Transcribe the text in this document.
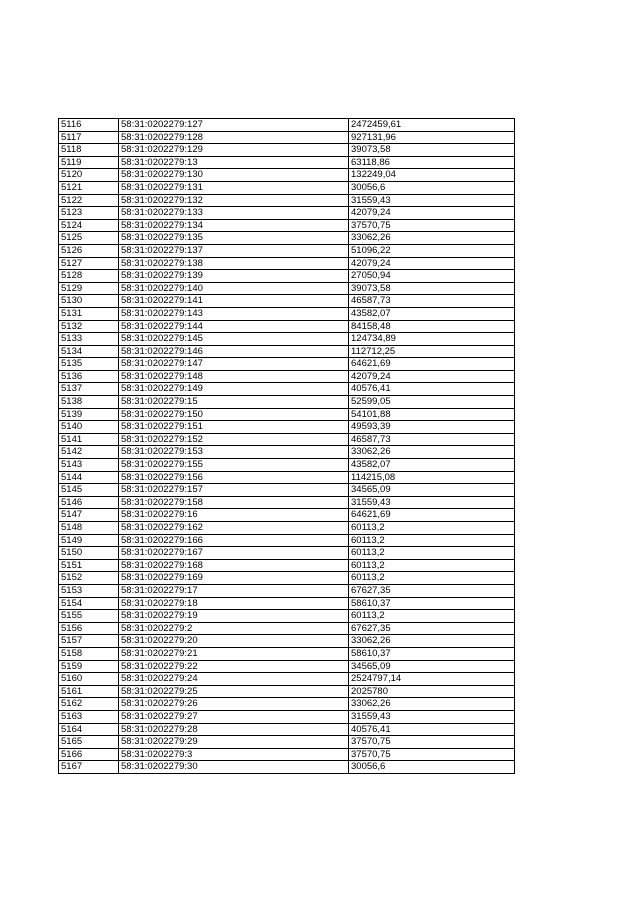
5116	58:31:0202279:127	2472459,61
5117	58:31:0202279:128	927131,96
5118	58:31:0202279:129	39073,58
5119	58:31:0202279:13	63118,86
5120	58:31:0202279:130	132249,04
5121	58:31:0202279:131	30056,6
5122	58:31:0202279:132	31559,43
5123	58:31:0202279:133	42079,24
5124	58:31:0202279:134	37570,75
5125	58:31:0202279:135	33062,26
5126	58:31:0202279:137	51096,22
5127	58:31:0202279:138	42079,24
5128	58:31:0202279:139	27050,94
5129	58:31:0202279:140	39073,58
5130	58:31:0202279:141	46587,73
5131	58:31:0202279:143	43582,07
5132	58:31:0202279:144	84158,48
5133	58:31:0202279:145	124734,89
5134	58:31:0202279:146	112712,25
5135	58:31:0202279:147	64621,69
5136	58:31:0202279:148	42079,24
5137	58:31:0202279:149	40576,41
5138	58:31:0202279:15	52599,05
5139	58:31:0202279:150	54101,88
5140	58:31:0202279:151	49593,39
5141	58:31:0202279:152	46587,73
5142	58:31:0202279:153	33062,26
5143	58:31:0202279:155	43582,07
5144	58:31:0202279:156	114215,08
5145	58:31:0202279:157	34565,09
5146	58:31:0202279:158	31559,43
5147	58:31:0202279:16	64621,69
5148	58:31:0202279:162	60113,2
5149	58:31:0202279:166	60113,2
5150	58:31:0202279:167	60113,2
5151	58:31:0202279:168	60113,2
5152	58:31:0202279:169	60113,2
5153	58:31:0202279:17	67627,35
5154	58:31:0202279:18	58610,37
5155	58:31:0202279:19	60113,2
5156	58:31:0202279:2	67627,35
5157	58:31:0202279:20	33062,26
5158	58:31:0202279:21	58610,37
5159	58:31:0202279:22	34565,09
5160	58:31:0202279:24	2524797,14
5161	58:31:0202279:25	2025780
5162	58:31:0202279:26	33062,26
5163	58:31:0202279:27	31559,43
5164	58:31:0202279:28	40576,41
5165	58:31:0202279:29	37570,75
5166	58:31:0202279:3	37570,75
5167	58:31:0202279:30	30056,6
